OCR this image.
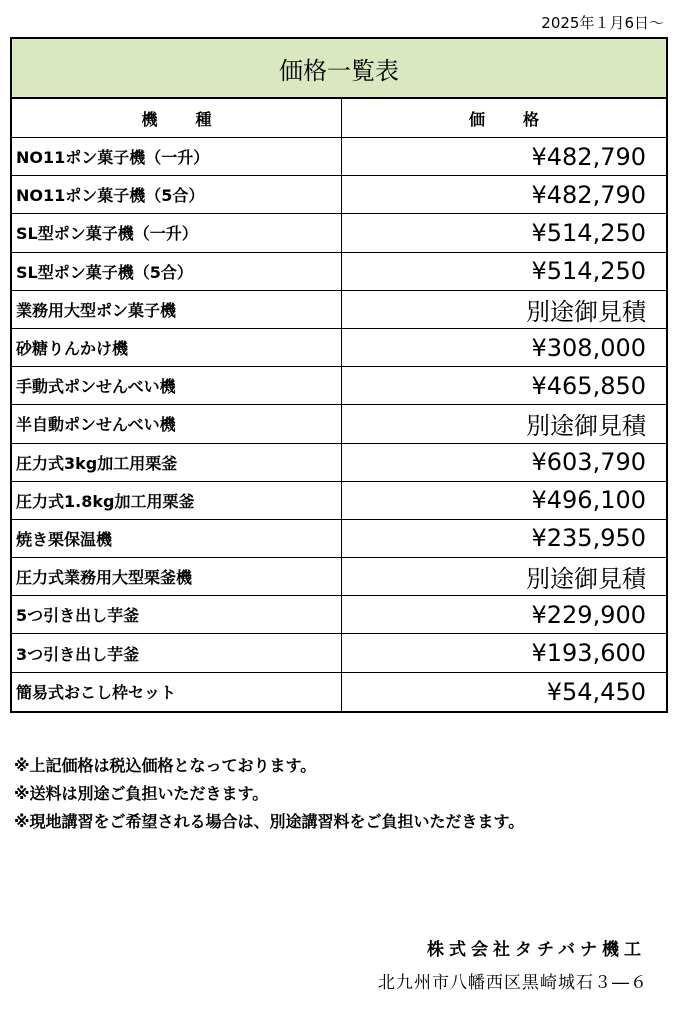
2025年１月6日～
価格一覧表
機種	価格
NO11ポン菓子機（一升）	¥482,790
NO11ポン菓子機（5合）	¥482,790
SL型ポン菓子機（一升）	¥514,250
SL型ポン菓子機（5合）	¥514,250
業務用大型ポン菓子機	別途御見積
砂糖りんかけ機	¥308,000
手動式ポンせんべい機	¥465,850
半自動ポンせんべい機	別途御見積
圧力式3kg加工用栗釜	¥603,790
圧力式1.8kg加工用栗釜	¥496,100
焼き栗保温機	¥235,950
圧力式業務用大型栗釜機	別途御見積
5つ引き出し芋釜	¥229,900
3つ引き出し芋釜	¥193,600
簡易式おこし枠セット	¥54,450
※上記価格は税込価格となっております。
※送料は別途ご負担いただきます。
※現地講習をご希望される場合は、別途講習料をご負担いただきます。
株式会社タチバナ機工
北九州市八幡西区黒崎城石３―６
